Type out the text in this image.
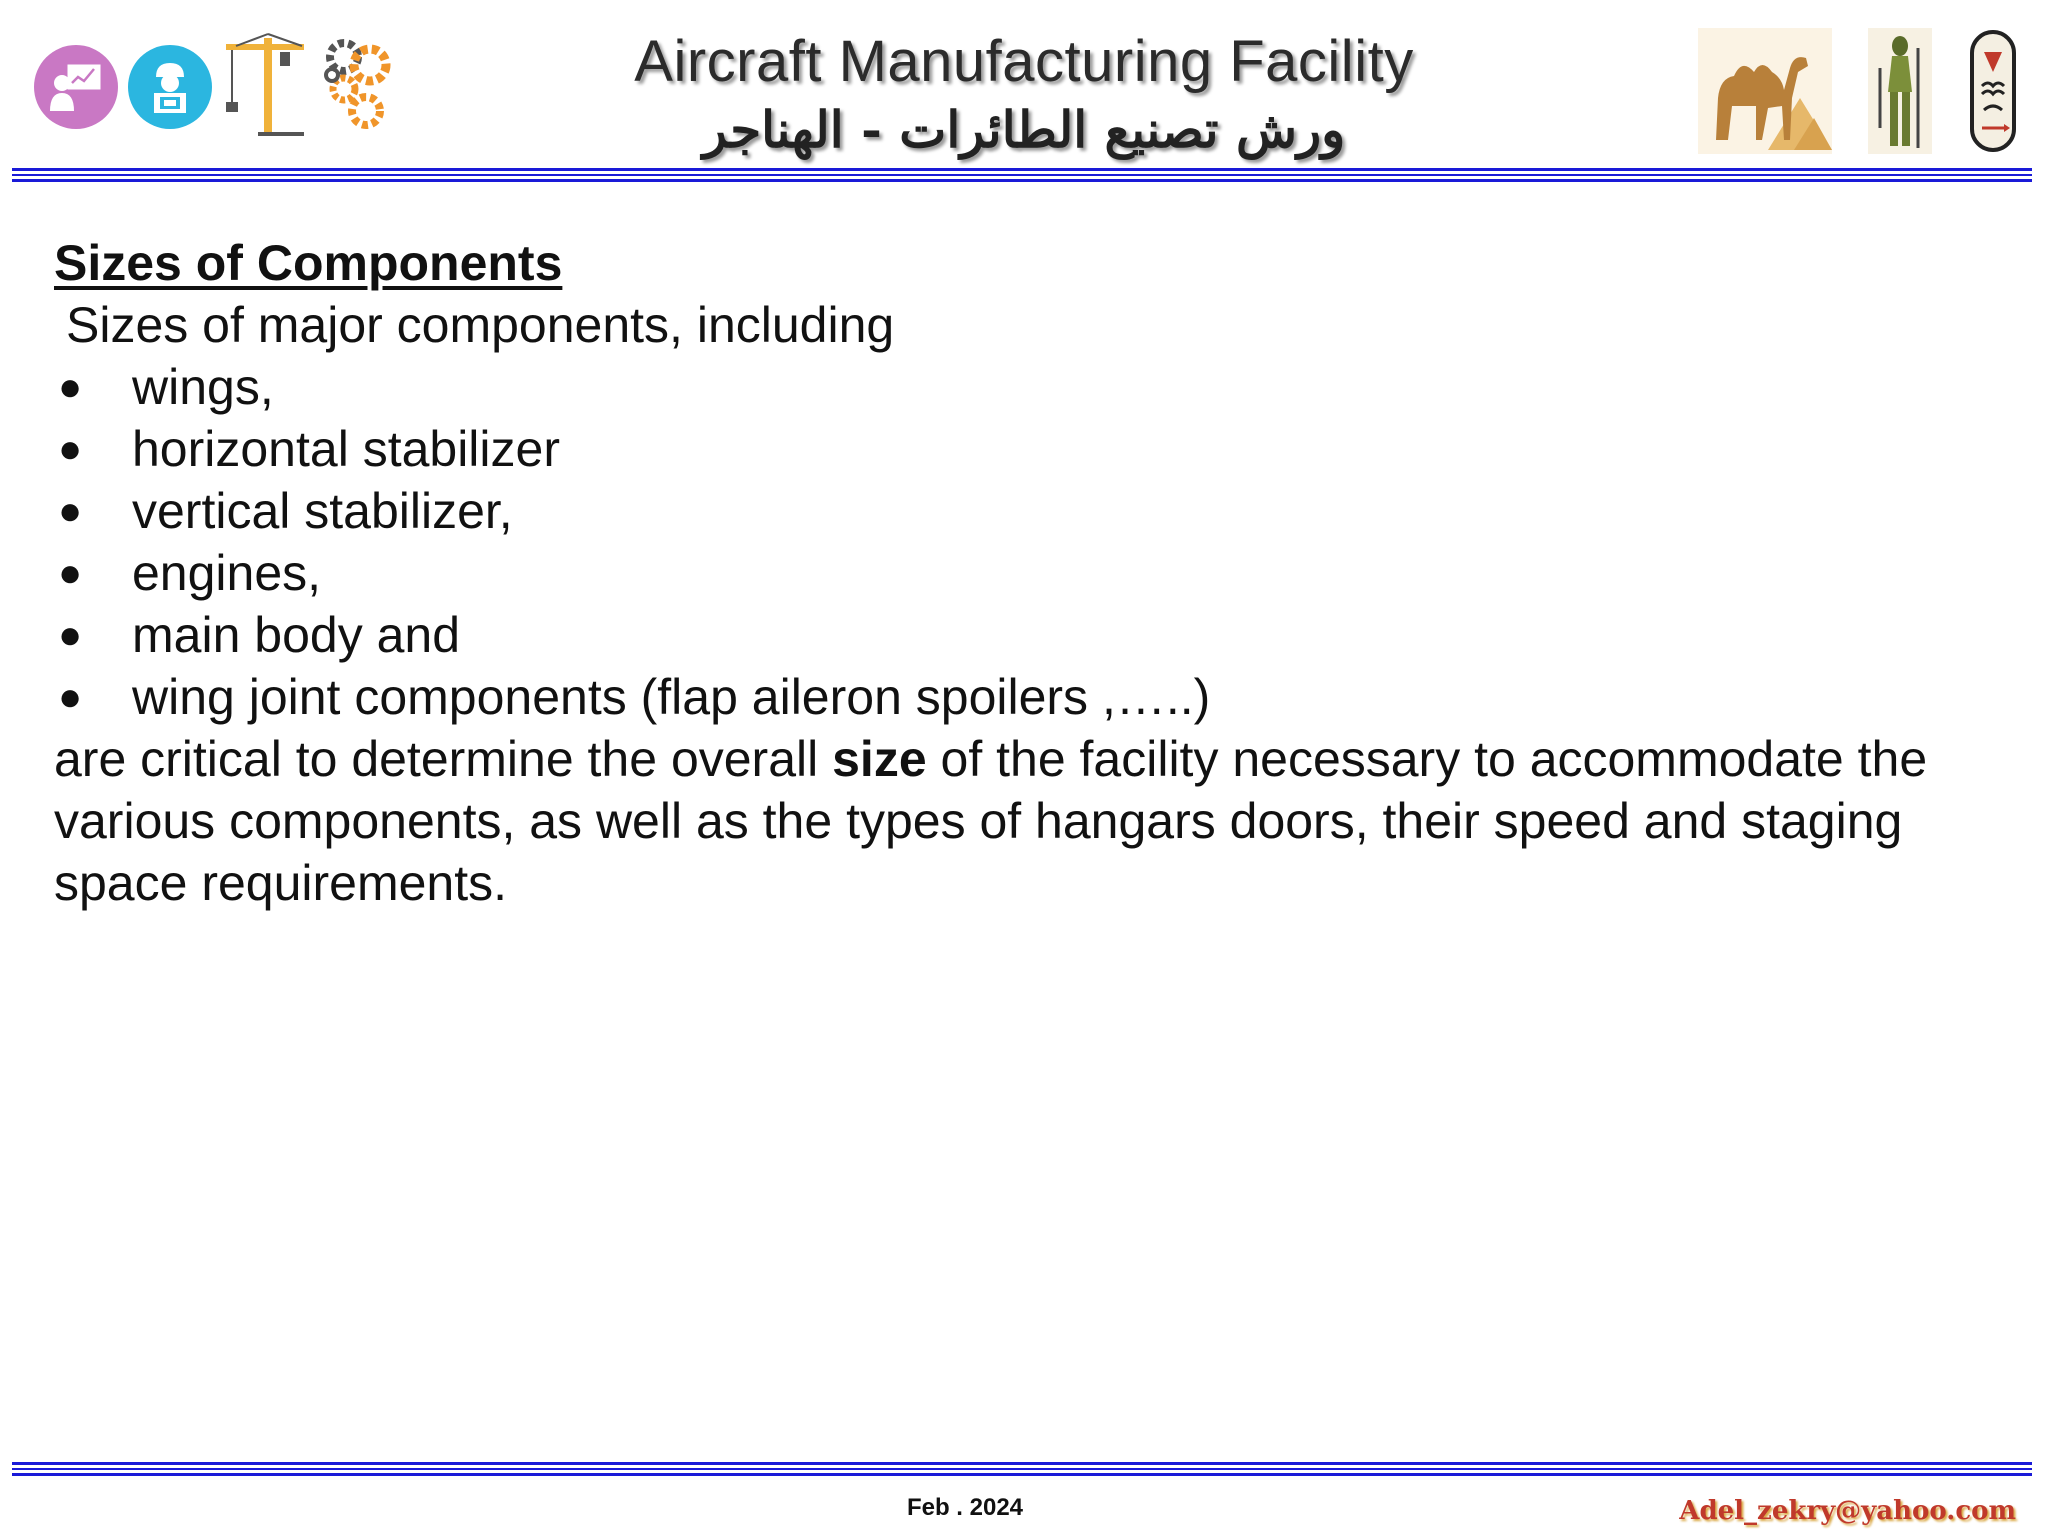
Aircraft Manufacturing Facility
ورش تصنيع الطائرات - الهناجر
Sizes of Components
Sizes of major components, including
● wings,
● horizontal stabilizer
● vertical stabilizer,
● engines,
● main body and
● wing joint components (flap aileron spoilers ,…..)
are critical to determine the overall size of the facility necessary to accommodate the various components, as well as the types of hangars doors, their speed and staging space requirements.
Feb . 2024	Adel_zekry@yahoo.com
